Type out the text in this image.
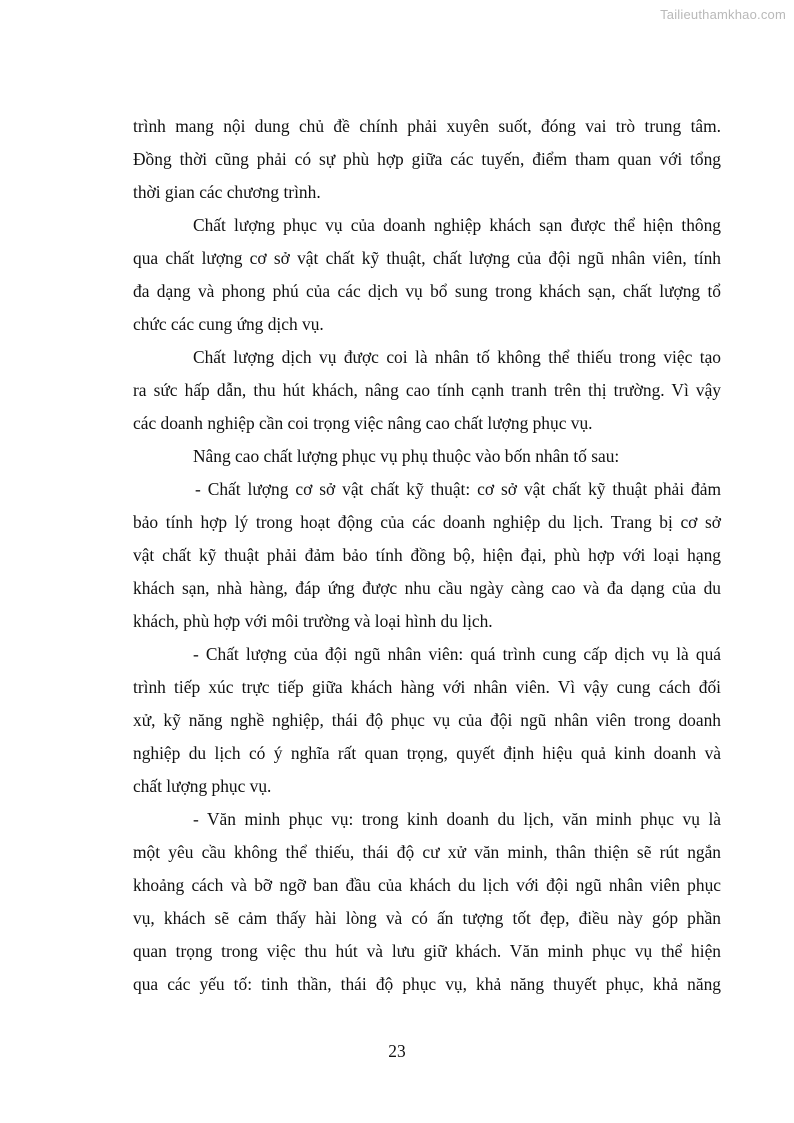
Tailieuthamkhao.com
trình mang nội dung chủ đề chính phải xuyên suốt, đóng vai trò trung tâm.
Đồng thời cũng phải có sự phù hợp giữa các tuyến, điểm tham quan với tổng
thời gian các chương trình.
Chất lượng phục vụ của doanh nghiệp khách sạn được thể hiện thông
qua chất lượng cơ sở vật chất kỹ thuật, chất lượng của đội ngũ nhân viên, tính
đa dạng và phong phú của các dịch vụ bổ sung trong khách sạn, chất lượng tổ
chức các cung ứng dịch vụ.
Chất lượng dịch vụ được coi là nhân tố không thể thiếu trong việc tạo
ra sức hấp dẫn, thu hút khách, nâng cao tính cạnh tranh trên thị trường. Vì vậy
các doanh nghiệp cần coi trọng việc nâng cao chất lượng phục vụ.
Nâng cao chất lượng phục vụ phụ thuộc vào bốn nhân tố sau:
- Chất lượng cơ sở vật chất kỹ thuật: cơ sở vật chất kỹ thuật phải đảm
bảo tính hợp lý trong hoạt động của các doanh nghiệp du lịch. Trang bị cơ sở
vật chất kỹ thuật phải đảm bảo tính đồng bộ, hiện đại, phù hợp với loại hạng
khách sạn, nhà hàng, đáp ứng được nhu cầu ngày càng cao và đa dạng của du
khách, phù hợp với môi trường và loại hình du lịch.
- Chất lượng của đội ngũ nhân viên: quá trình cung cấp dịch vụ là quá
trình tiếp xúc trực tiếp giữa khách hàng với nhân viên. Vì vậy cung cách đối
xử, kỹ năng nghề nghiệp, thái độ phục vụ của đội ngũ nhân viên trong doanh
nghiệp du lịch có ý nghĩa rất quan trọng, quyết định hiệu quả kinh doanh và
chất lượng phục vụ.
- Văn minh phục vụ: trong kinh doanh du lịch, văn minh phục vụ là
một yêu cầu không thể thiếu, thái độ cư xử văn minh, thân thiện sẽ rút ngắn
khoảng cách và bỡ ngỡ ban đầu của khách du lịch với đội ngũ nhân viên phục
vụ, khách sẽ cảm thấy hài lòng và có ấn tượng tốt đẹp, điều này góp phần
quan trọng trong việc thu hút và lưu giữ khách. Văn minh phục vụ thể hiện
qua các yếu tố: tinh thần, thái độ phục vụ, khả năng thuyết phục, khả năng
23
